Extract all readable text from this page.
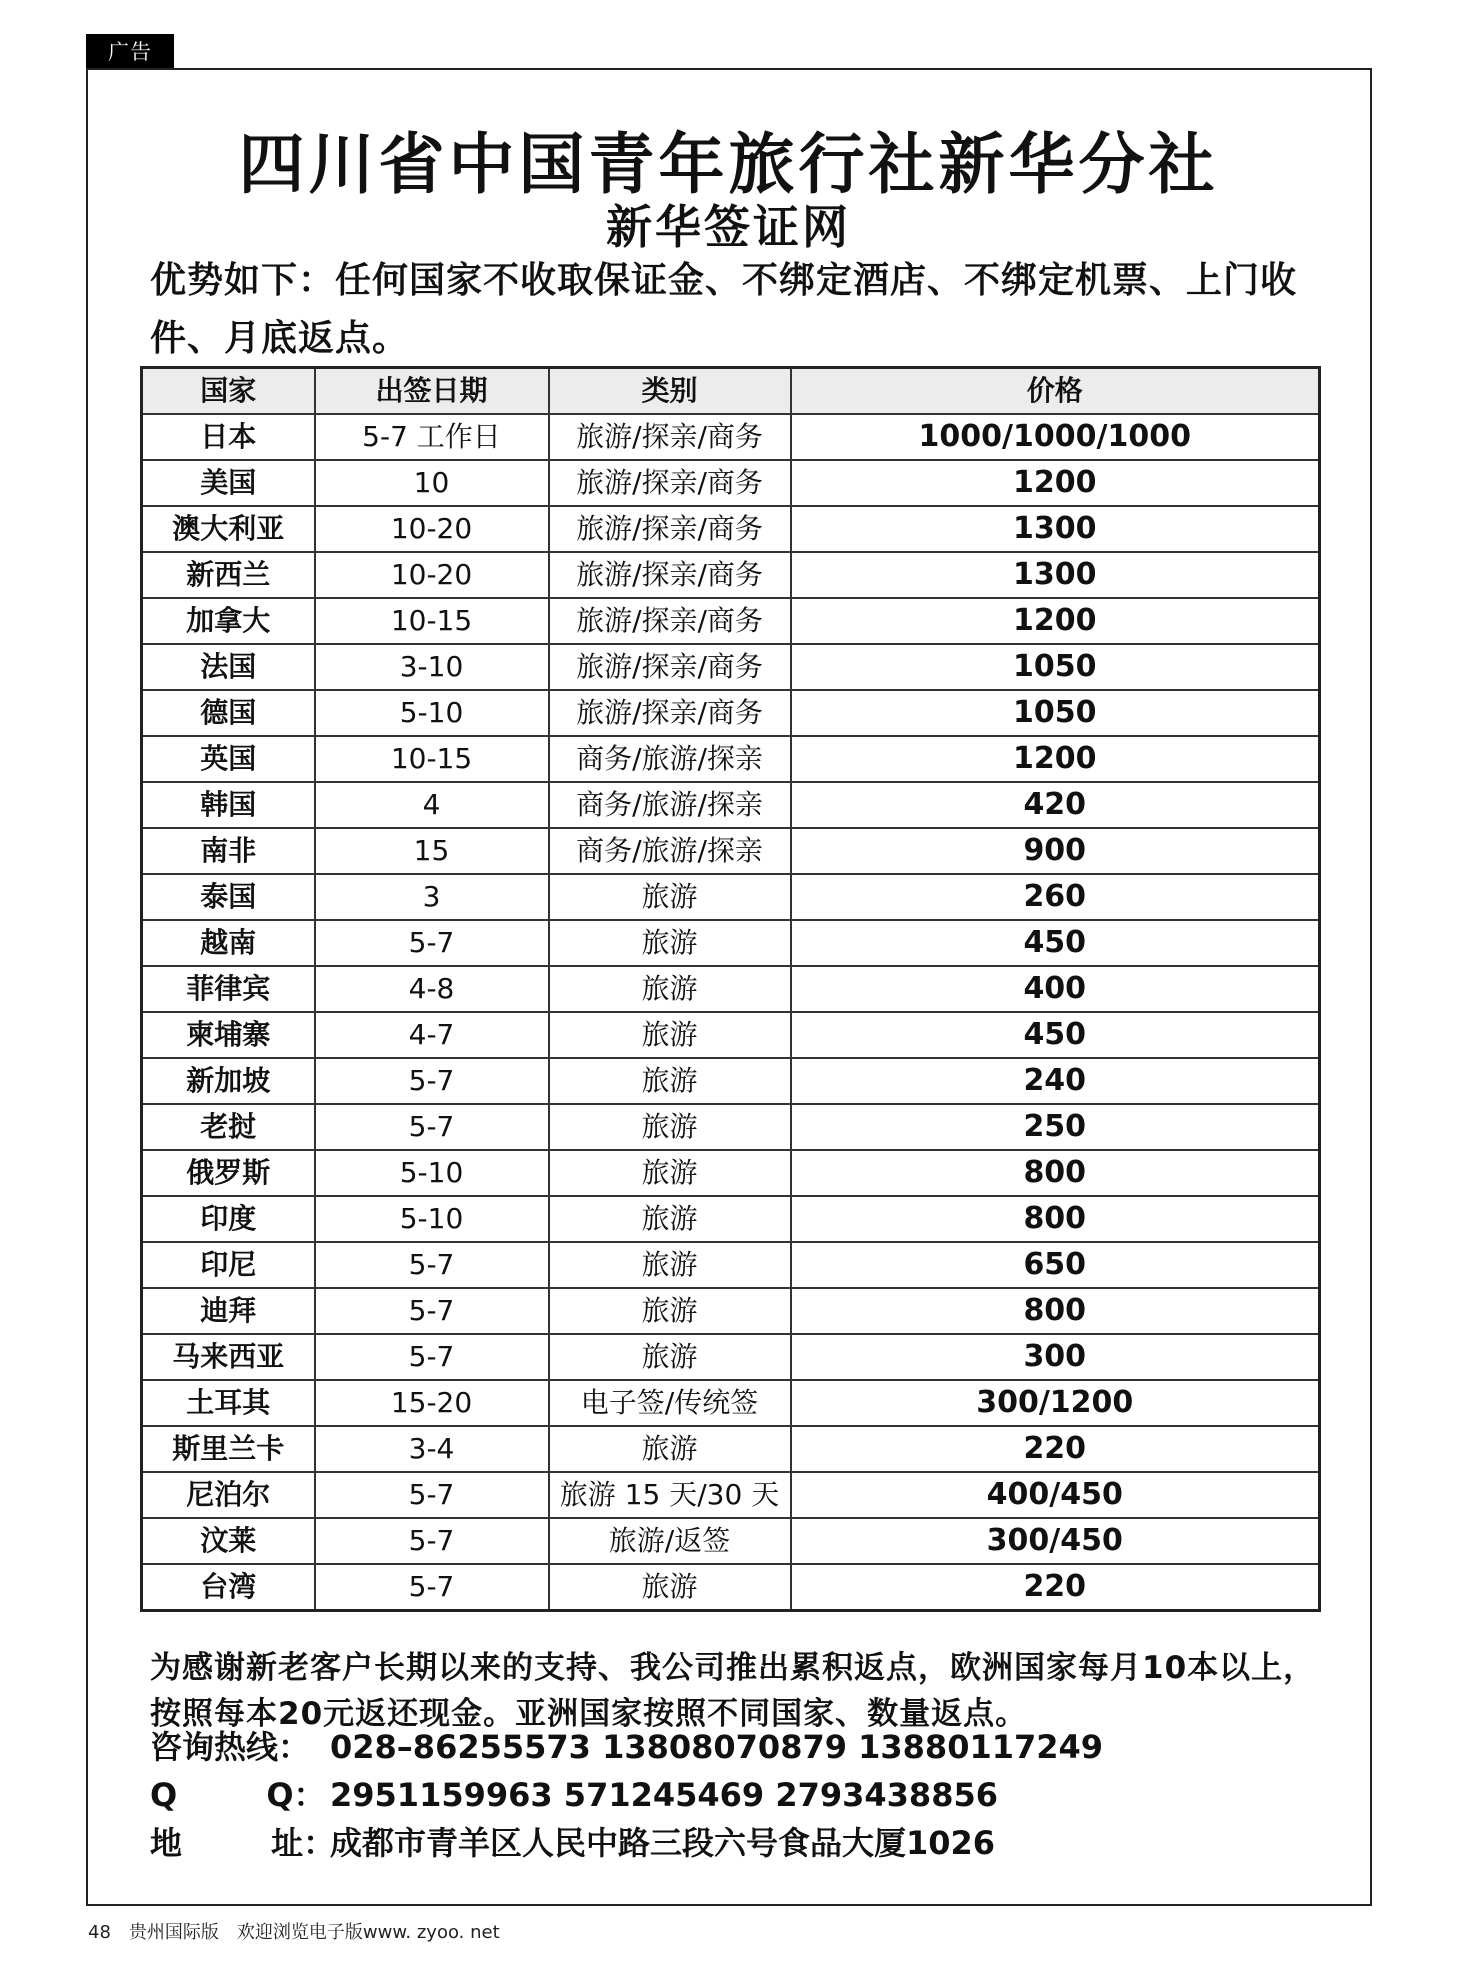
广告
四川省中国青年旅行社新华分社
新华签证网
优势如下：任何国家不收取保证金、不绑定酒店、不绑定机票、上门收件、月底返点。
国家	出签日期	类别	价格
日本	5-7 工作日	旅游/探亲/商务	1000/1000/1000
美国	10	旅游/探亲/商务	1200
澳大利亚	10-20	旅游/探亲/商务	1300
新西兰	10-20	旅游/探亲/商务	1300
加拿大	10-15	旅游/探亲/商务	1200
法国	3-10	旅游/探亲/商务	1050
德国	5-10	旅游/探亲/商务	1050
英国	10-15	商务/旅游/探亲	1200
韩国	4	商务/旅游/探亲	420
南非	15	商务/旅游/探亲	900
泰国	3	旅游	260
越南	5-7	旅游	450
菲律宾	4-8	旅游	400
柬埔寨	4-7	旅游	450
新加坡	5-7	旅游	240
老挝	5-7	旅游	250
俄罗斯	5-10	旅游	800
印度	5-10	旅游	800
印尼	5-7	旅游	650
迪拜	5-7	旅游	800
马来西亚	5-7	旅游	300
土耳其	15-20	电子签/传统签	300/1200
斯里兰卡	3-4	旅游	220
尼泊尔	5-7	旅游 15 天/30 天	400/450
汶莱	5-7	旅游/返签	300/450
台湾	5-7	旅游	220
为感谢新老客户长期以来的支持、我公司推出累积返点，欧洲国家每月10本以上，按照每本20元返还现金。亚洲国家按照不同国家、数量返点。
咨询热线： 028–86255573 13808070879 13880117249
Q        Q： 2951159963 571245469 2793438856
地        址：成都市青羊区人民中路三段六号食品大厦1026
48 贵州国际版 欢迎浏览电子版www. zyoo. net
